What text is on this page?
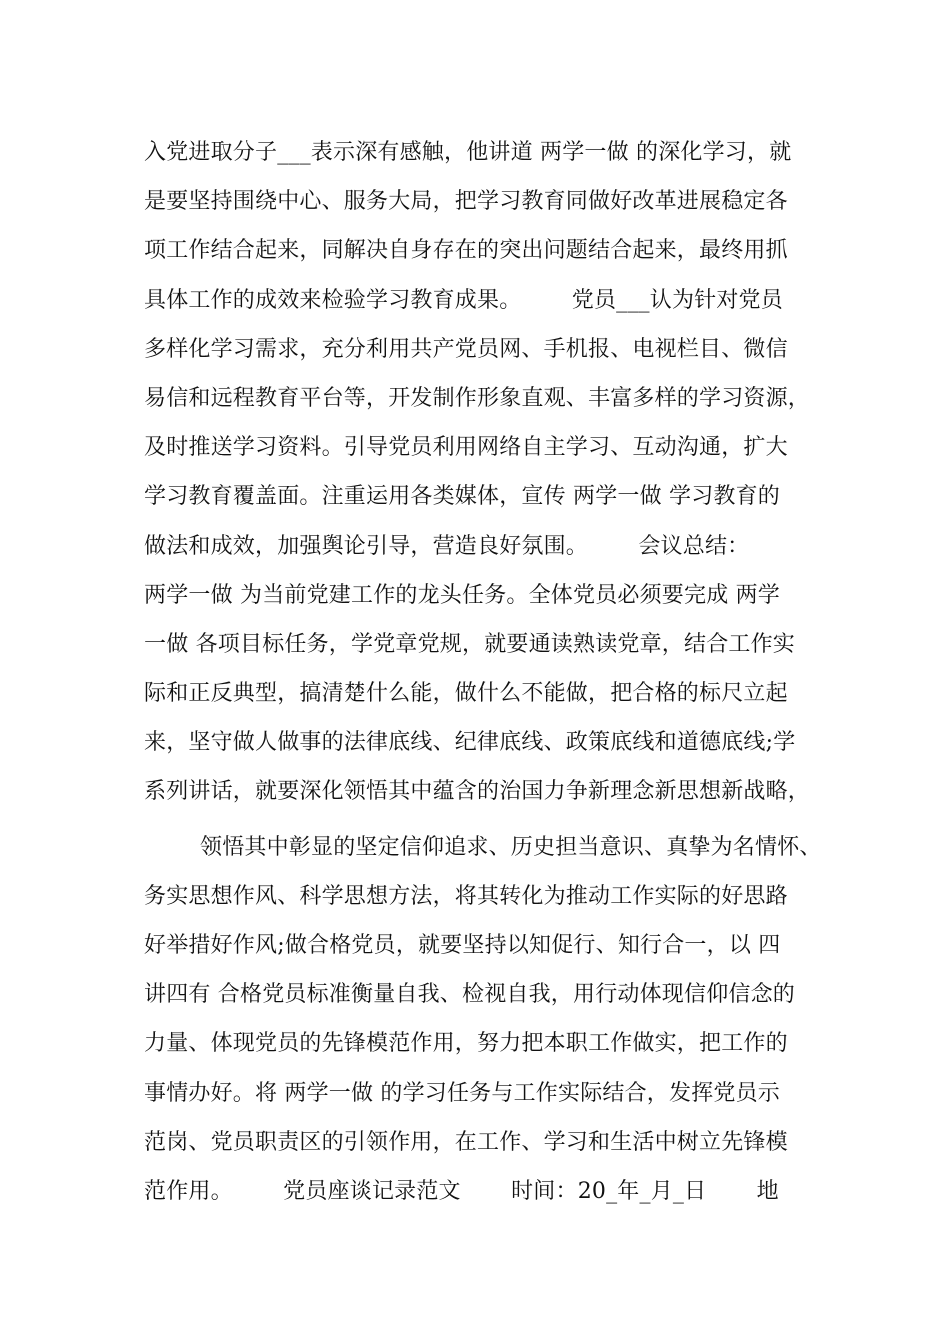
入党进取分子___表示深有感触，他讲道 两学一做 的深化学习，就
是要坚持围绕中心、服务大局，把学习教育同做好改革进展稳定各
项工作结合起来，同解决自身存在的突出问题结合起来，最终用抓
具体工作的成效来检验学习教育成果。       党员___认为针对党员
多样化学习需求，充分利用共产党员网、手机报、电视栏目、微信
易信和远程教育平台等，开发制作形象直观、丰富多样的学习资源，
及时推送学习资料。引导党员利用网络自主学习、互动沟通，扩大
学习教育覆盖面。注重运用各类媒体，宣传 两学一做 学习教育的
做法和成效，加强舆论引导，营造良好氛围。       会议总结：
两学一做 为当前党建工作的龙头任务。全体党员必须要完成 两学
一做 各项目标任务，学党章党规，就要通读熟读党章，结合工作实
际和正反典型，搞清楚什么能，做什么不能做，把合格的标尺立起
来，坚守做人做事的法律底线、纪律底线、政策底线和道德底线;学
系列讲话，就要深化领悟其中蕴含的治国力争新理念新思想新战略，
领悟其中彰显的坚定信仰追求、历史担当意识、真挚为名情怀、
务实思想作风、科学思想方法，将其转化为推动工作实际的好思路
好举措好作风;做合格党员，就要坚持以知促行、知行合一，以 四
讲四有 合格党员标准衡量自我、检视自我，用行动体现信仰信念的
力量、体现党员的先锋模范作用，努力把本职工作做实，把工作的
事情办好。将 两学一做 的学习任务与工作实际结合，发挥党员示
范岗、党员职责区的引领作用，在工作、学习和生活中树立先锋模
范作用。       党员座谈记录范文       时间：20_年_月_日       地
